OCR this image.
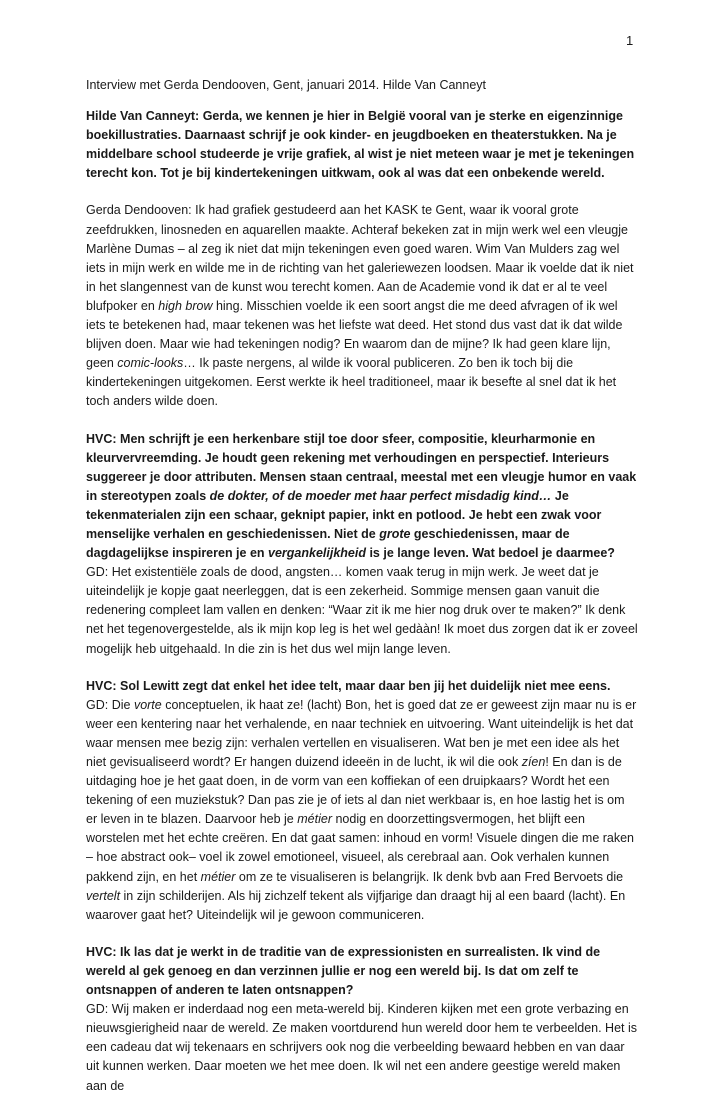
1

Interview met Gerda Dendooven, Gent, januari 2014. Hilde Van Canneyt

Hilde Van Canneyt: Gerda, we kennen je hier in België vooral van je sterke en eigenzinnige boekillustraties. Daarnaast schrijf je ook kinder- en jeugdboeken en theaterstukken. Na je middelbare school studeerde je vrije grafiek, al wist je niet meteen waar je met je tekeningen terecht kon. Tot je bij kindertekeningen uitkwam, ook al was dat een onbekende wereld.

Gerda Dendooven: Ik had grafiek gestudeerd aan het KASK te Gent, waar ik vooral grote zeefdrukken, linosneden en aquarellen maakte. Achteraf bekeken zat in mijn werk wel een vleugje Marlène Dumas – al zeg ik niet dat mijn tekeningen even goed waren. Wim Van Mulders zag wel iets in mijn werk en wilde me in de richting van het galeriewezen loodsen. Maar ik voelde dat ik niet in het slangennest van de kunst wou terecht komen. Aan de Academie vond ik dat er al te veel blufpoker en high brow hing. Misschien voelde ik een soort angst die me deed afvragen of ik wel iets te betekenen had, maar tekenen was het liefste wat deed. Het stond dus vast dat ik dat wilde blijven doen. Maar wie had tekeningen nodig? En waarom dan de mijne? Ik had geen klare lijn, geen comic-looks… Ik paste nergens, al wilde ik vooral publiceren. Zo ben ik toch bij die kindertekeningen uitgekomen. Eerst werkte ik heel traditioneel, maar ik besefte al snel dat ik het toch anders wilde doen.

HVC: Men schrijft je een herkenbare stijl toe door sfeer, compositie, kleurharmonie en kleurvervreemding. Je houdt geen rekening met verhoudingen en perspectief. Interieurs suggereer je door attributen. Mensen staan centraal, meestal met een vleugje humor en vaak in stereotypen zoals de dokter, of de moeder met haar perfect misdadig kind… Je tekenmaterialen zijn een schaar, geknipt papier, inkt en potlood. Je hebt een zwak voor menselijke verhalen en geschiedenissen. Niet de grote geschiedenissen, maar de dagdagelijkse inspireren je en vergankelijkheid is je lange leven. Wat bedoel je daarmee?

GD: Het existentiële zoals de dood, angsten… komen vaak terug in mijn werk. Je weet dat je uiteindelijk je kopje gaat neerleggen, dat is een zekerheid. Sommige mensen gaan vanuit die redenering compleet lam vallen en denken: “Waar zit ik me hier nog druk over te maken?” Ik denk net het tegenovergestelde, als ik mijn kop leg is het wel gedààn! Ik moet dus zorgen dat ik er zoveel mogelijk heb uitgehaald. In die zin is het dus wel mijn lange leven.

HVC: Sol Lewitt zegt dat enkel het idee telt, maar daar ben jij het duidelijk niet mee eens.

GD: Die vorte conceptuelen, ik haat ze! (lacht) Bon, het is goed dat ze er geweest zijn maar nu is er weer een kentering naar het verhalende, en naar techniek en uitvoering. Want uiteindelijk is het dat waar mensen mee bezig zijn: verhalen vertellen en visualiseren. Wat ben je met een idee als het niet gevisualiseerd wordt? Er hangen duizend ideeën in de lucht, ik wil die ook zíen! En dan is de uitdaging hoe je het gaat doen, in de vorm van een koffiekan of een druipkaars? Wordt het een tekening of een muziekstuk? Dan pas zie je of iets al dan niet werkbaar is, en hoe lastig het is om er leven in te blazen. Daarvoor heb je métier nodig en doorzettingsvermogen, het blijft een worstelen met het echte creëren. En dat gaat samen: inhoud en vorm! Visuele dingen die me raken – hoe abstract ook– voel ik zowel emotioneel, visueel, als cerebraal aan. Ook verhalen kunnen pakkend zijn, en het métier om ze te visualiseren is belangrijk. Ik denk bvb aan Fred Bervoets die vertelt in zijn schilderijen. Als hij zichzelf tekent als vijfjarige dan draagt hij al een baard (lacht). En waarover gaat het? Uiteindelijk wil je gewoon communiceren.

HVC: Ik las dat je werkt in de traditie van de expressionisten en surrealisten. Ik vind de wereld al gek genoeg en dan verzinnen jullie er nog een wereld bij. Is dat om zelf te ontsnappen of anderen te laten ontsnappen?

GD: Wij maken er inderdaad nog een meta-wereld bij. Kinderen kijken met een grote verbazing en nieuwsgierigheid naar de wereld. Ze maken voortdurend hun wereld door hem te verbeelden. Het is een cadeau dat wij tekenaars en schrijvers ook nog die verbeelding bewaard hebben en van daar uit kunnen werken. Daar moeten we het mee doen. Ik wil net een andere geestige wereld maken aan de
